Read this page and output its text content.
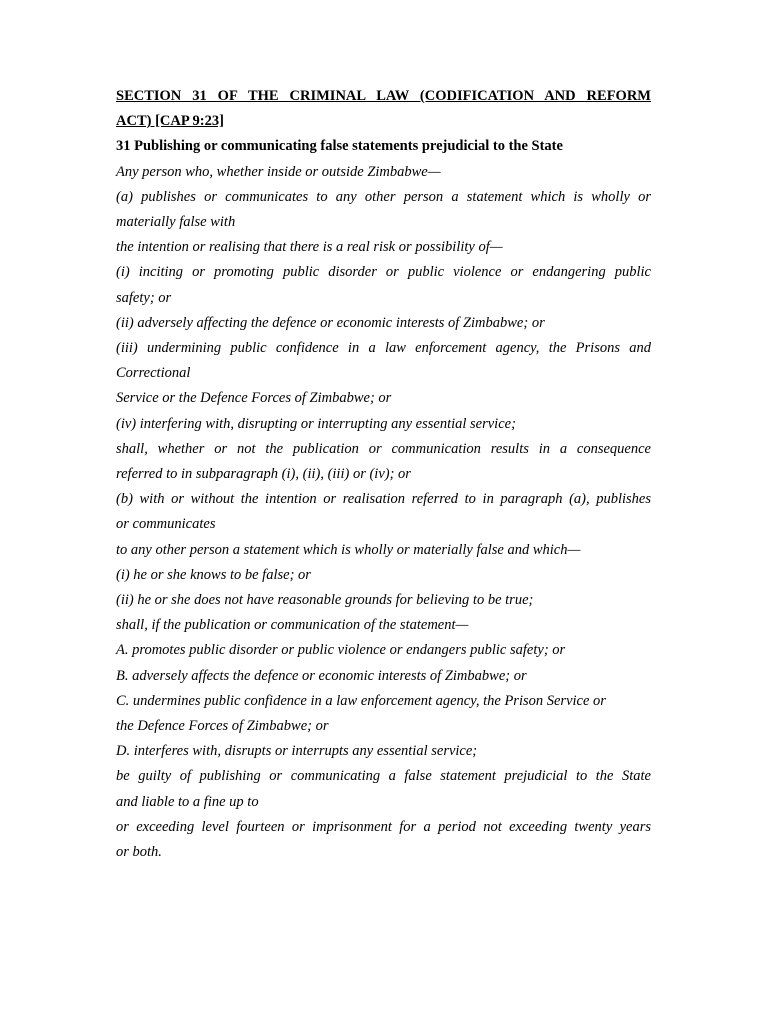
SECTION 31 OF THE CRIMINAL LAW (CODIFICATION AND REFORM
ACT) [CAP 9:23]
31 Publishing or communicating false statements prejudicial to the State
Any person who, whether inside or outside Zimbabwe—
(a) publishes or communicates to any other person a statement which is wholly or
materially false with
the intention or realising that there is a real risk or possibility of—
(i) inciting or promoting public disorder or public violence or endangering public
safety; or
(ii) adversely affecting the defence or economic interests of Zimbabwe; or
(iii) undermining public confidence in a law enforcement agency, the Prisons and
Correctional
Service or the Defence Forces of Zimbabwe; or
(iv) interfering with, disrupting or interrupting any essential service;
shall, whether or not the publication or communication results in a consequence
referred to in subparagraph (i), (ii), (iii) or (iv); or
(b) with or without the intention or realisation referred to in paragraph (a), publishes
or communicates
to any other person a statement which is wholly or materially false and which—
(i) he or she knows to be false; or
(ii) he or she does not have reasonable grounds for believing to be true;
shall, if the publication or communication of the statement—
A. promotes public disorder or public violence or endangers public safety; or
B. adversely affects the defence or economic interests of Zimbabwe; or
C. undermines public confidence in a law enforcement agency, the Prison Service or
the Defence Forces of Zimbabwe; or
D. interferes with, disrupts or interrupts any essential service;
be guilty of publishing or communicating a false statement prejudicial to the State
and liable to a fine up to
or exceeding level fourteen or imprisonment for a period not exceeding twenty years
or both.
